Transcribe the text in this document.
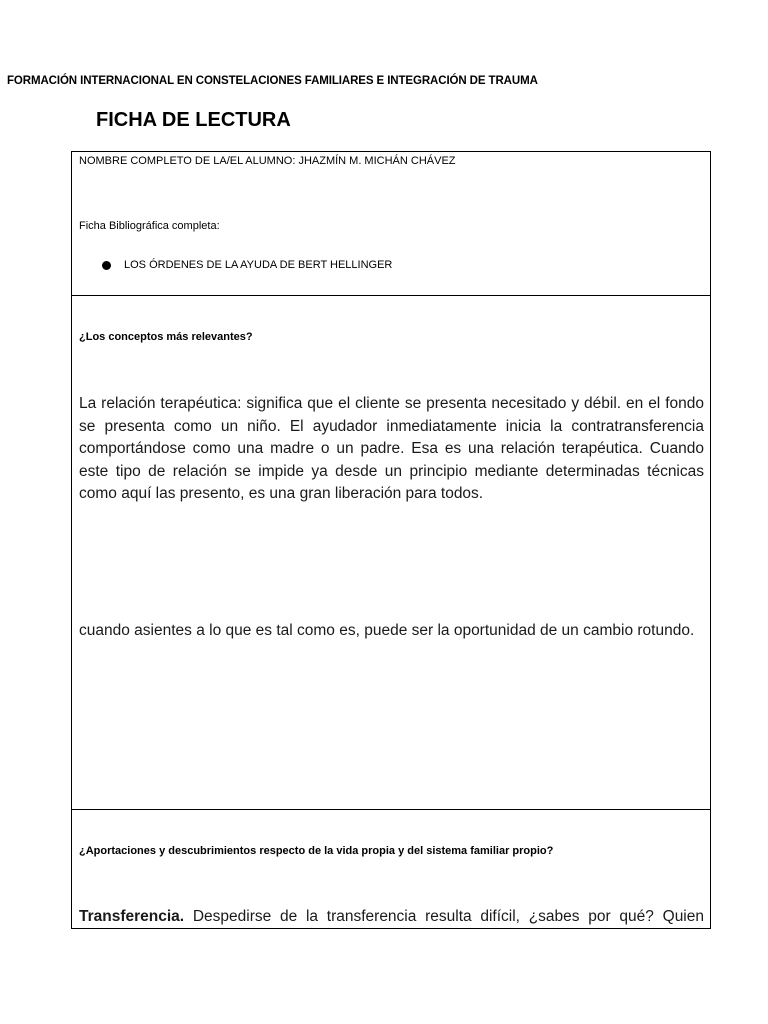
FORMACIÓN INTERNACIONAL EN CONSTELACIONES FAMILIARES E INTEGRACIÓN DE TRAUMA
FICHA DE LECTURA
NOMBRE COMPLETO DE LA/EL ALUMNO: JHAZMÍN M. MICHÁN CHÁVEZ
Ficha Bibliográfica completa:
LOS ÓRDENES DE LA AYUDA DE BERT HELLINGER
¿Los conceptos más relevantes?
La relación terapéutica: significa que el cliente se presenta necesitado y débil. en el fondo se presenta como un niño. El ayudador inmediatamente inicia la contratransferencia comportándose como una madre o un padre. Esa es una relación terapéutica. Cuando este tipo de relación se impide ya desde un principio mediante determinadas técnicas como aquí las presento, es una gran liberación para todos.
cuando asientes a lo que es tal como es, puede ser la oportunidad de un cambio rotundo.
¿Aportaciones y descubrimientos respecto de la vida propia y del sistema familiar propio?
Transferencia. Despedirse de la transferencia resulta difícil, ¿sabes por qué? Quien
